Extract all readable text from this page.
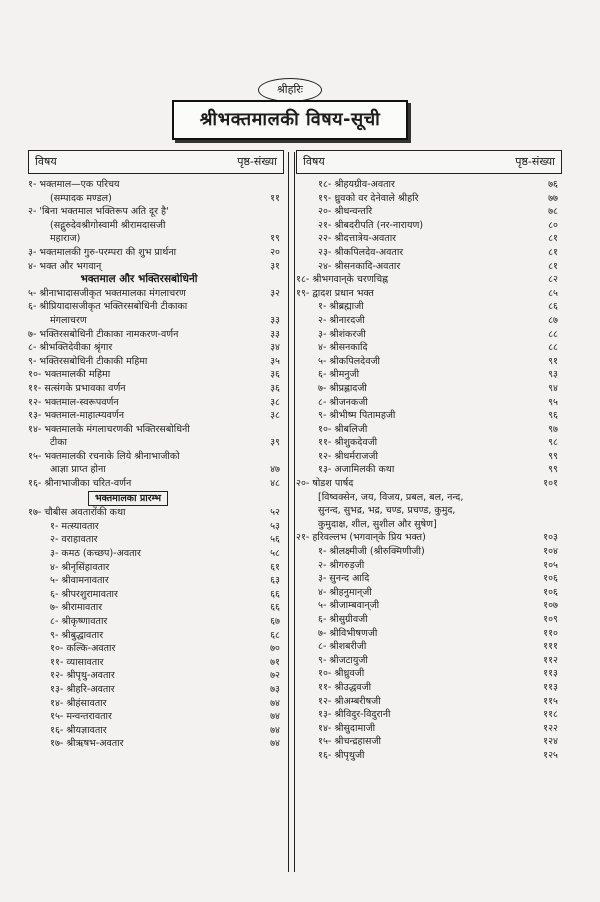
श्रीहरिः
श्रीभक्तमालकी विषय-सूची
विषय	पृष्ठ-संख्या
१- भक्तमाल—एक परिचय
(सम्पादक मण्डल)	११
२- 'बिना भक्तमाल भक्तिरूप अति दूर है'
(सद्गुरुदेवश्रीगोस्वामी श्रीरामदासजी
महाराज)	१९
३- भक्तमालकी गुरु-परम्परा की शुभ प्रार्थना	२०
४- भक्त और भगवान्	३१
भक्तमाल और भक्तिरसबोधिनी
५- श्रीनाभादासजीकृत भक्तमालका मंगलाचरण	३२
६- श्रीप्रियादासजीकृत भक्तिरसबोधिनी टीकाका
मंगलाचरण	३३
७- भक्तिरसबोधिनी टीकाका नामकरण-वर्णन	३३
८- श्रीभक्तिदेवीका श्रृंगार	३४
९- भक्तिरसबोधिनी टीकाकी महिमा	३५
१०- भक्तमालकी महिमा	३६
११- सत्संगके प्रभावका वर्णन	३६
१२- भक्तमाल-स्वरूपवर्णन	३८
१३- भक्तमाल-माहात्म्यवर्णन	३८
१४- भक्तमालके मंगलाचरणकी भक्तिरसबोधिनी
टीका	३९
१५- भक्तमालकी रचनाके लिये श्रीनाभाजीको
आज्ञा प्राप्त होना	४७
१६- श्रीनाभाजीका चरित-वर्णन	४८
भक्तमालका प्रारम्भ
१७- चौबीस अवतारोंकी कथा	५२
१- मत्स्यावतार	५३
२- वराहावतार	५६
३- कमठ (कच्छप)-अवतार	५८
४- श्रीनृसिंहावतार	६१
५- श्रीवामनावतार	६३
६- श्रीपरशुरामावतार	६६
७- श्रीरामावतार	६६
८- श्रीकृष्णावतार	६७
९- श्रीबुद्धावतार	६८
१०- कल्कि-अवतार	७०
११- व्यासावतार	७१
१२- श्रीपृथु-अवतार	७२
१३- श्रीहरि-अवतार	७३
१४- श्रीहंसावतार	७४
१५- मन्वन्तरावतार	७४
१६- श्रीयज्ञावतार	७४
१७- श्रीऋषभ-अवतार	७४
विषय	पृष्ठ-संख्या
१८- श्रीहयग्रीव-अवतार	७६
१९- ध्रुवको वर देनेवाले श्रीहरि	७७
२०- श्रीधन्वन्तरि	७८
२१- श्रीबदरीपति (नर-नारायण)	८०
२२- श्रीदत्तात्रेय-अवतार	८१
२३- श्रीकपिलदेव-अवतार	८१
२४- श्रीसनकादि-अवतार	८१
१८- श्रीभगवान्‌के चरणचिह्न	८२
१९- द्वादश प्रधान भक्त	८५
१- श्रीब्रह्माजी	८६
२- श्रीनारदजी	८७
३- श्रीशंकरजी	८८
४- श्रीसनकादि	८८
५- श्रीकपिलदेवजी	९१
६- श्रीमनुजी	९३
७- श्रीप्रह्लादजी	९४
८- श्रीजनकजी	९५
९- श्रीभीष्म पितामहजी	९६
१०- श्रीबलिजी	९७
११- श्रीशुकदेवजी	९८
१२- श्रीधर्मराजजी	९९
१३- अजामिलकी कथा	९९
२०- षोडश पार्षद	१०१
[विष्वक्सेन, जय, विजय, प्रबल, बल, नन्द,
सुनन्द, सुभद्र, भद्र, चण्ड, प्रचण्ड, कुमुद,
कुमुदाक्ष, शील, सुशील और सुषेण]
२१- हरिवल्लभ (भगवान्‌के प्रिय भक्त)	१०३
१- श्रीलक्ष्मीजी (श्रीरुक्मिणीजी)	१०४
२- श्रीगरुड़जी	१०५
३- सुनन्द आदि	१०६
४- श्रीहनुमान्‌जी	१०६
५- श्रीजाम्बवान्‌जी	१०७
६- श्रीसुग्रीवजी	१०९
७- श्रीविभीषणजी	११०
८- श्रीशबरीजी	१११
९- श्रीजटायुजी	११२
१०- श्रीध्रुवजी	११३
११- श्रीउद्धवजी	११३
१२- श्रीअम्बरीषजी	११५
१३- श्रीविदुर-विदुरानी	११८
१४- श्रीसुदामाजी	१२२
१५- श्रीचन्द्रहासजी	१२४
१६- श्रीपृथुजी	१२५
